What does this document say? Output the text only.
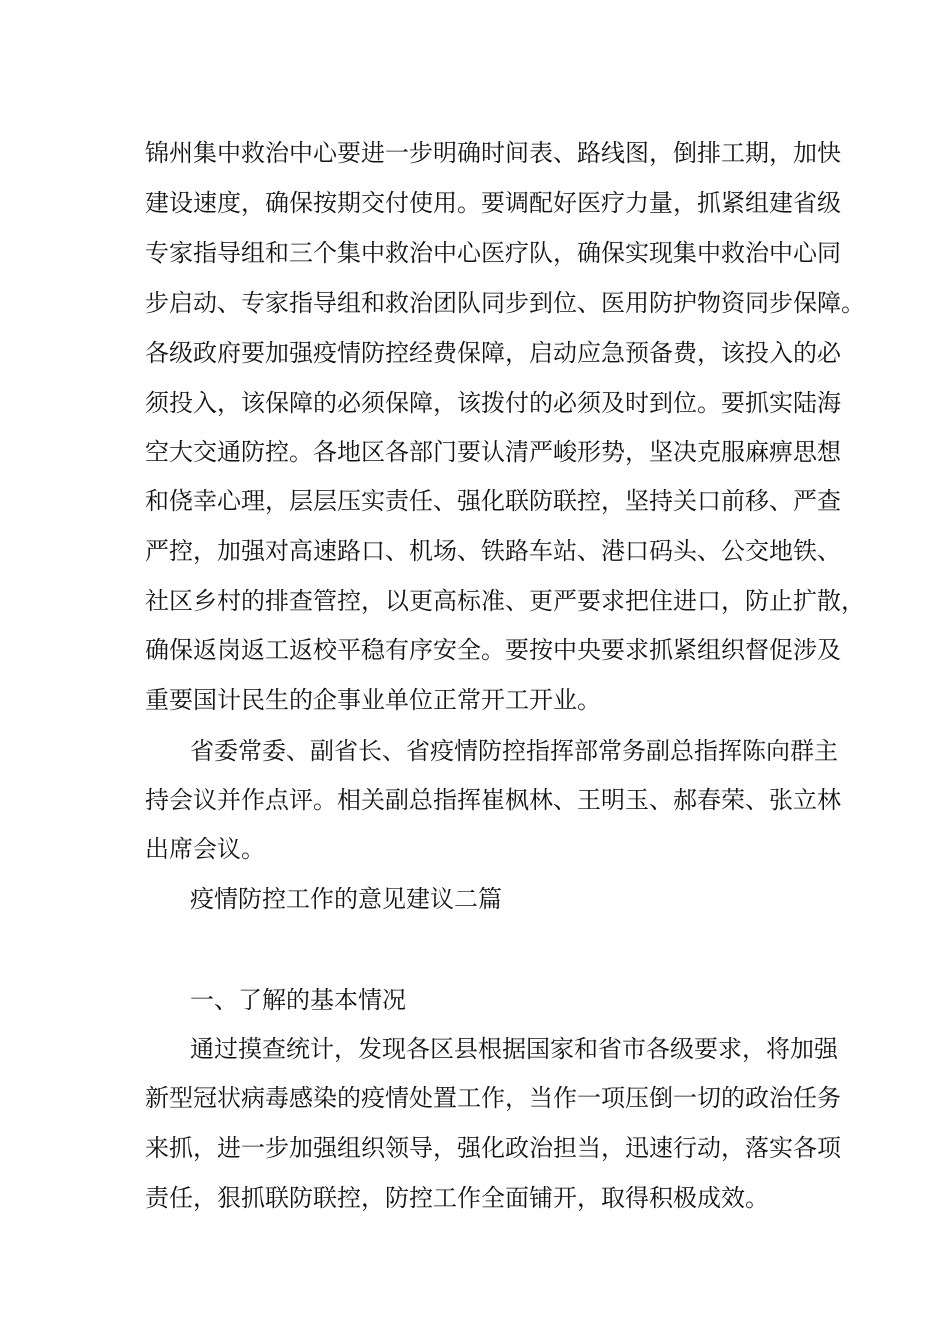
锦州集中救治中心要进一步明确时间表、路线图，倒排工期，加快
建设速度，确保按期交付使用。要调配好医疗力量，抓紧组建省级
专家指导组和三个集中救治中心医疗队，确保实现集中救治中心同
步启动、专家指导组和救治团队同步到位、医用防护物资同步保障。
各级政府要加强疫情防控经费保障，启动应急预备费，该投入的必
须投入，该保障的必须保障，该拨付的必须及时到位。要抓实陆海
空大交通防控。各地区各部门要认清严峻形势，坚决克服麻痹思想
和侥幸心理，层层压实责任、强化联防联控，坚持关口前移、严查
严控，加强对高速路口、机场、铁路车站、港口码头、公交地铁、
社区乡村的排查管控，以更高标准、更严要求把住进口，防止扩散，
确保返岗返工返校平稳有序安全。要按中央要求抓紧组织督促涉及
重要国计民生的企事业单位正常开工开业。
省委常委、副省长、省疫情防控指挥部常务副总指挥陈向群主
持会议并作点评。相关副总指挥崔枫林、王明玉、郝春荣、张立林
出席会议。
疫情防控工作的意见建议二篇
一、了解的基本情况
通过摸查统计，发现各区县根据国家和省市各级要求，将加强
新型冠状病毒感染的疫情处置工作，当作一项压倒一切的政治任务
来抓，进一步加强组织领导，强化政治担当，迅速行动，落实各项
责任，狠抓联防联控，防控工作全面铺开，取得积极成效。
